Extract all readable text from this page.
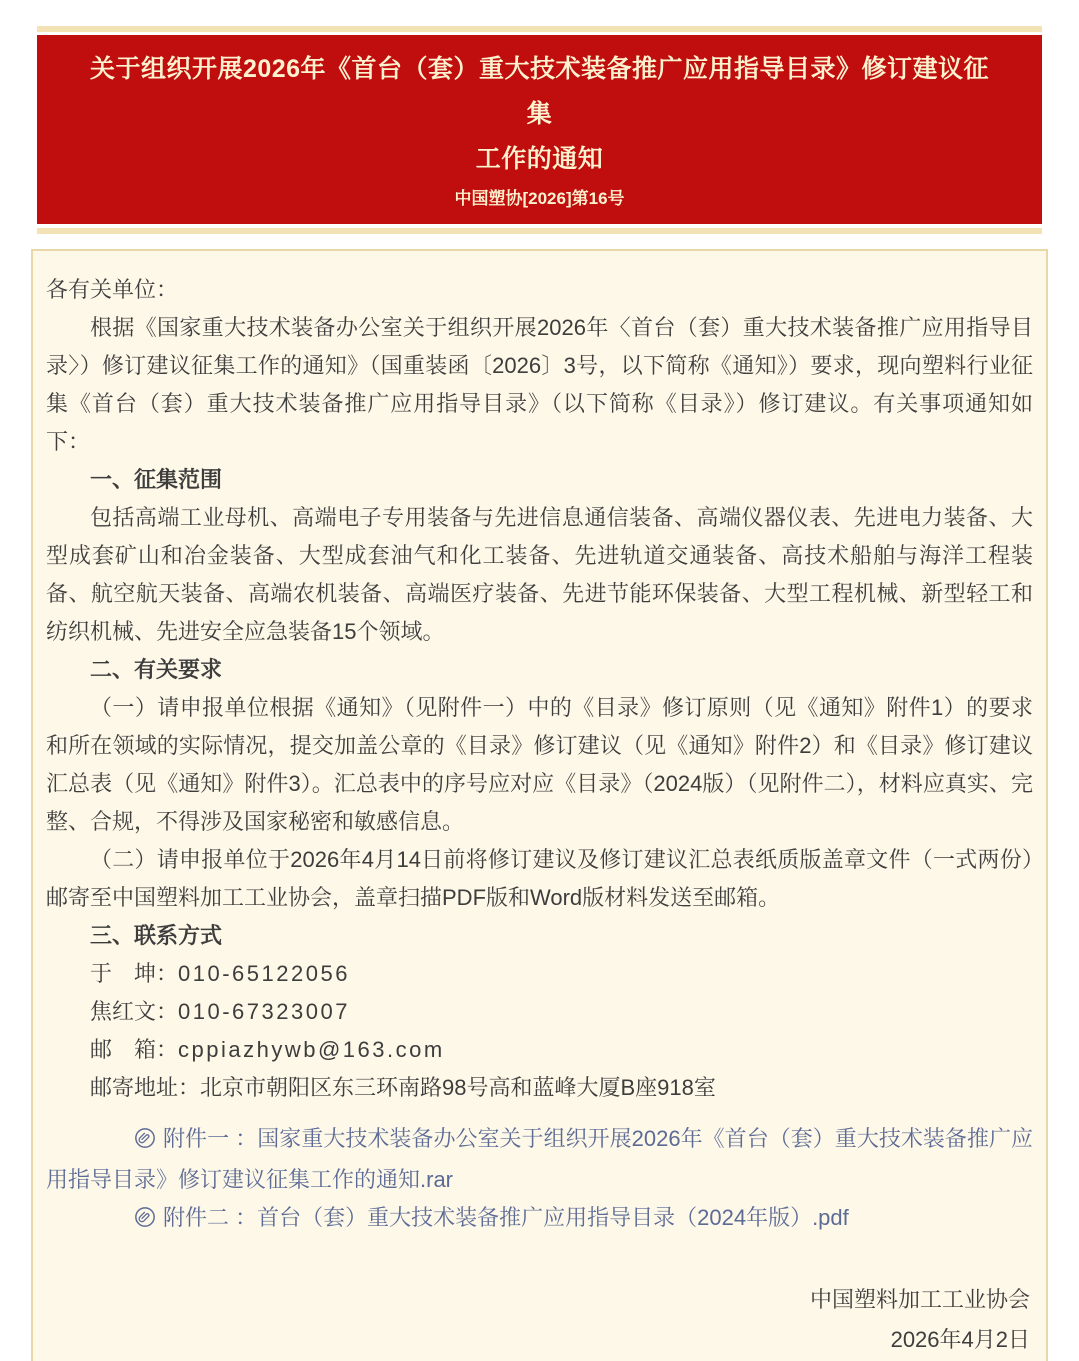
关于组织开展2026年《首台（套）重大技术装备推广应用指导目录》修订建议征集
工作的通知
中国塑协[2026]第16号

各有关单位：

根据《国家重大技术装备办公室关于组织开展2026年〈首台（套）重大技术装备推广应用指导目录〉）修订建议征集工作的通知》（国重装函〔2026〕3号，以下简称《通知》）要求，现向塑料行业征集《首台（套）重大技术装备推广应用指导目录》（以下简称《目录》）修订建议。有关事项通知如下：

一、征集范围

包括高端工业母机、高端电子专用装备与先进信息通信装备、高端仪器仪表、先进电力装备、大型成套矿山和冶金装备、大型成套油气和化工装备、先进轨道交通装备、高技术船舶与海洋工程装备、航空航天装备、高端农机装备、高端医疗装备、先进节能环保装备、大型工程机械、新型轻工和纺织机械、先进安全应急装备15个领域。

二、有关要求

（一）请申报单位根据《通知》（见附件一）中的《目录》修订原则（见《通知》附件1）的要求和所在领域的实际情况，提交加盖公章的《目录》修订建议（见《通知》附件2）和《目录》修订建议汇总表（见《通知》附件3）。汇总表中的序号应对应《目录》（2024版）（见附件二），材料应真实、完整、合规，不得涉及国家秘密和敏感信息。

（二）请申报单位于2026年4月14日前将修订建议及修订建议汇总表纸质版盖章文件（一式两份）邮寄至中国塑料加工工业协会，盖章扫描PDF版和Word版材料发送至邮箱。

三、联系方式

于　坤：010-65122056

焦红文：010-67323007

邮　箱：cppiazhywb@163.com

邮寄地址：北京市朝阳区东三环南路98号高和蓝峰大厦B座918室

附件一 ：国家重大技术装备办公室关于组织开展2026年《首台（套）重大技术装备推广应用指导目录》修订建议征集工作的通知.rar

附件二 ：首台（套）重大技术装备推广应用指导目录（2024年版）.pdf

中国塑料加工工业协会

2026年4月2日
